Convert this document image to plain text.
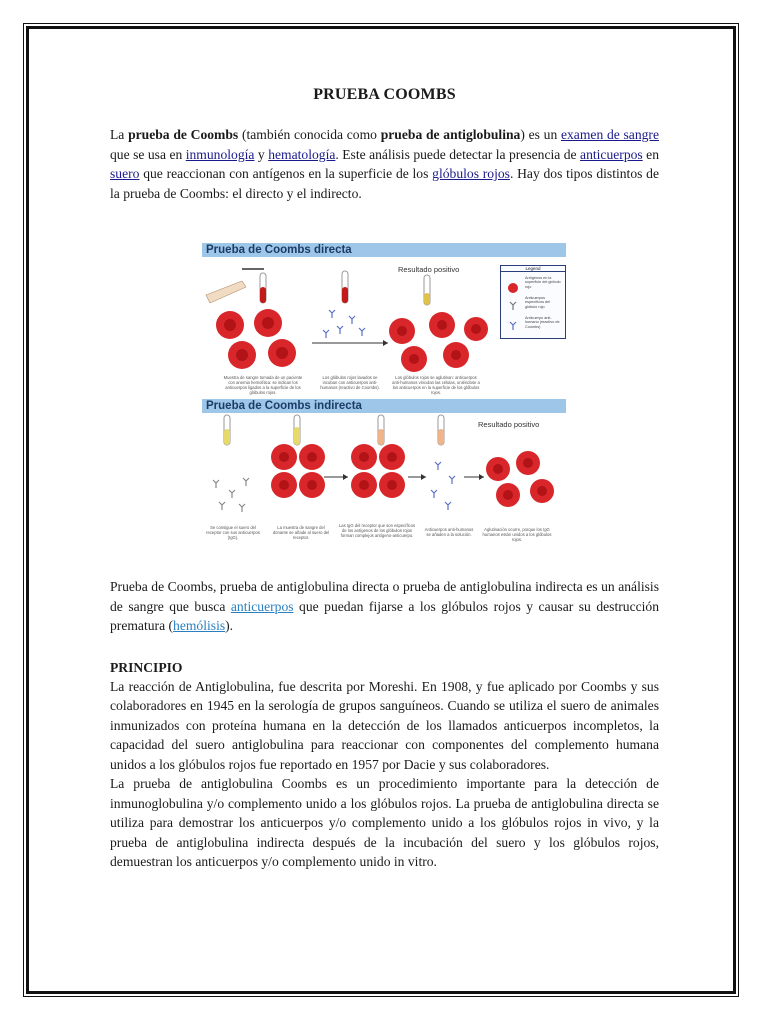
PRUEBA COOMBS

La prueba de Coombs (también conocida como prueba de antiglobulina) es un examen de sangre que se usa en inmunología y hematología. Este análisis puede detectar la presencia de anticuerpos en suero que reaccionan con antígenos en la superficie de los glóbulos rojos. Hay dos tipos distintos de la prueba de Coombs: el directo y el indirecto.

Prueba de Coombs directa
Prueba de Coombs indirecta
Resultado positivo
Resultado positivo
Legend
Antígenos en la superficie del glóbulo rojo
Anticuerpos específicos del glóbulo rojo
Anticuerpo anti-humano (reactivo de Coombs)
Muestra de sangre tomada de un paciente con anemia hemolítica: se indican los anticuerpos ligados a la superficie de los glóbulos rojos.
Los glóbulos rojos lavados se incuban con anticuerpos anti-humanos (reactivo de Coombs).
Los glóbulos rojos se aglutinan: anticuerpos anti-humanos vinculan las células, uniéndose a los anticuerpos en la superficie de los glóbulos rojos.
Se consigue el suero del receptor con sus anticuerpos (IgG).
La muestra de sangre del donante se añade al suero del receptor.
Las IgG del receptor que son específicos de los antígenos de los glóbulos rojos forman complejos antígeno-anticuerpo.
Anticuerpos anti-humanos se añaden a la solución.
Aglutinación ocurre, porque los IgG humanos están unidos a los glóbulos rojos.

Prueba de Coombs, prueba de antiglobulina directa o prueba de antiglobulina indirecta es un análisis de sangre que busca anticuerpos que puedan fijarse a los glóbulos rojos y causar su destrucción prematura (hemólisis).

PRINCIPIO

La reacción de Antiglobulina, fue descrita por Moreshi. En 1908, y fue aplicado por Coombs y sus colaboradores en 1945 en la serología de grupos sanguíneos. Cuando se utiliza el suero de animales inmunizados con proteína humana en la detección de los llamados anticuerpos incompletos, la capacidad del suero antiglobulina para reaccionar con componentes del complemento humana unidos a los glóbulos rojos fue reportado en 1957 por Dacie y sus colaboradores.

La prueba de antiglobulina Coombs es un procedimiento importante para la detección de inmunoglobulina y/o complemento unido a los glóbulos rojos. La prueba de antiglobulina directa se utiliza para demostrar los anticuerpos y/o complemento unido a los glóbulos rojos in vivo, y la prueba de antiglobulina indirecta después de la incubación del suero y los glóbulos rojos, demuestran los anticuerpos y/o complemento unido in vitro.
